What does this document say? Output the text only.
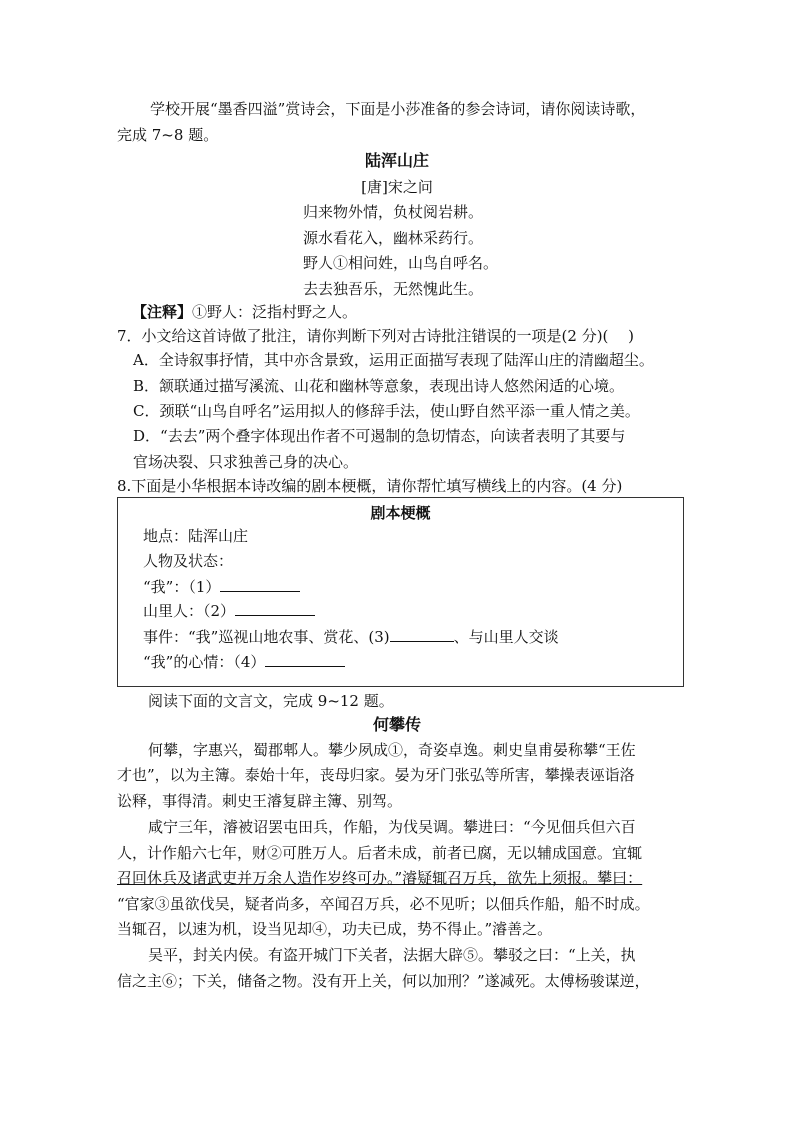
学校开展“墨香四溢”赏诗会，下面是小莎准备的参会诗词，请你阅读诗歌，
完成 7~8 题。
陆浑山庄
[唐]宋之问
归来物外情，负杖阅岩耕。
源水看花入，幽林采药行。
野人①相问姓，山鸟自呼名。
去去独吾乐，无然愧此生。
【注释】①野人：泛指村野之人。
7．小文给这首诗做了批注，请你判断下列对古诗批注错误的一项是(2 分)(　 )
A．全诗叙事抒情，其中亦含景致，运用正面描写表现了陆浑山庄的清幽超尘。
B．颔联通过描写溪流、山花和幽林等意象，表现出诗人悠然闲适的心境。
C．颈联“山鸟自呼名”运用拟人的修辞手法，使山野自然平添一重人情之美。
D．“去去”两个叠字体现出作者不可遏制的急切情态，向读者表明了其要与
官场决裂、只求独善己身的决心。
8.下面是小华根据本诗改编的剧本梗概，请你帮忙填写横线上的内容。(4 分)
剧本梗概
地点：陆浑山庄
人物及状态：
“我”：（1）
山里人：（2）
事件：“我”巡视山地农事、赏花、(3)	、与山里人交谈
“我”的心情：（4）
阅读下面的文言文，完成 9~12 题。
何攀传
何攀，字惠兴，蜀郡郫人。攀少夙成①，奇姿卓逸。刺史皇甫晏称攀“王佐
才也”，以为主簿。泰始十年，丧母归家。晏为牙门张弘等所害，攀操表诬诣洛
讼释，事得清。刺史王濬复辟主簿、别驾。
咸宁三年，濬被诏罢屯田兵，作船，为伐吴调。攀进曰：“今见佃兵但六百
人，计作船六七年，财②可胜万人。后者未成，前者已腐，无以辅成国意。宜辄
召回休兵及诸武吏并万余人造作岁终可办。”濬疑辄召万兵，欲先上须报。攀曰：
“官家③虽欲伐吴，疑者尚多，卒闻召万兵，必不见听；以佃兵作船，船不时成。
当辄召，以速为机，设当见却④，功夫已成，势不得止。”濬善之。
吴平，封关内侯。有盗开城门下关者，法据大辟⑤。攀驳之曰：“上关，执
信之主⑥；下关，储备之物。没有开上关，何以加刑？”遂减死。太傅杨骏谋逆，
